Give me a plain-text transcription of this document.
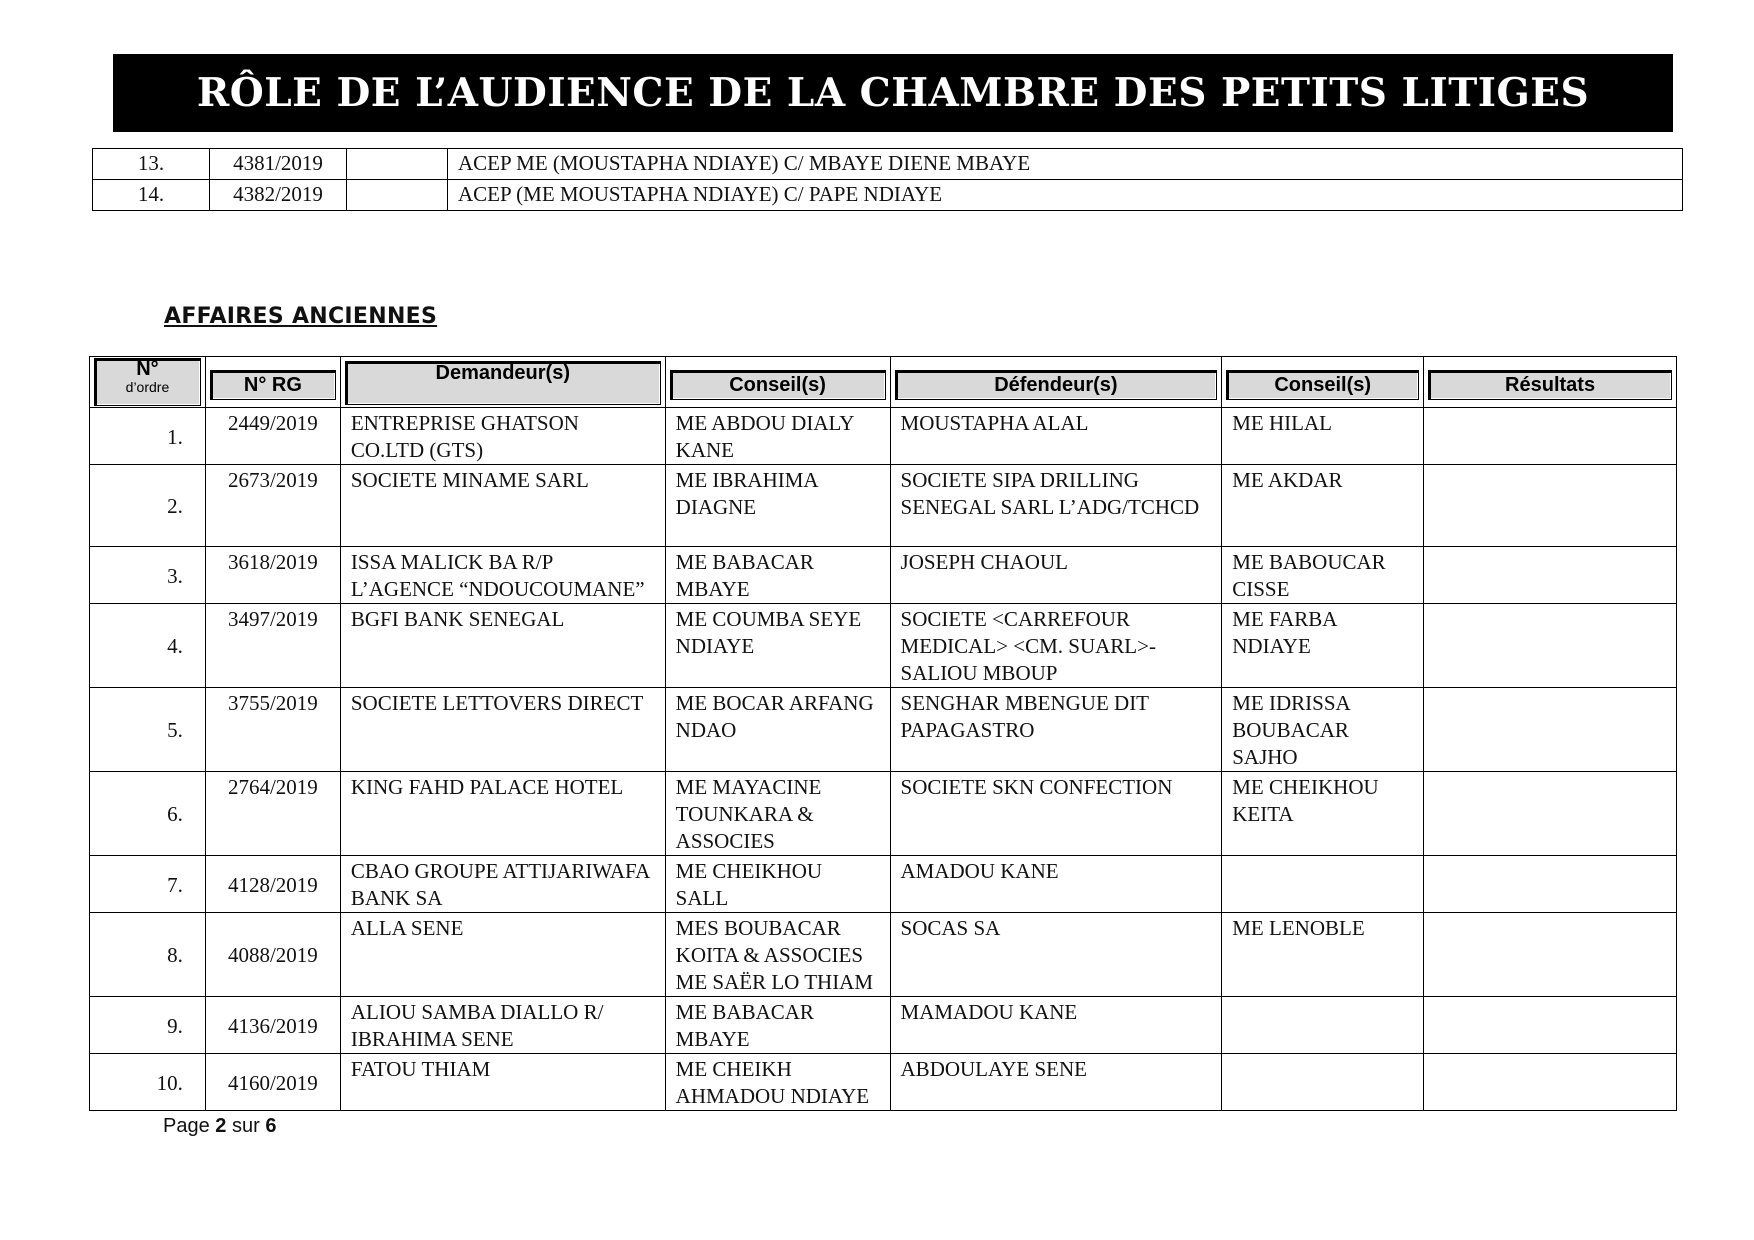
RÔLE DE L’AUDIENCE DE LA CHAMBRE DES PETITS LITIGES
13.	4381/2019		ACEP ME (MOUSTAPHA NDIAYE) C/ MBAYE DIENE MBAYE
14.	4382/2019		ACEP (ME MOUSTAPHA NDIAYE) C/ PAPE NDIAYE
AFFAIRES ANCIENNES
N°
d’ordre	N° RG	Demandeur(s)	Conseil(s)	Défendeur(s)	Conseil(s)	Résultats

1.	2449/2019	ENTREPRISE GHATSON CO.LTD (GTS)	ME ABDOU DIALY KANE	MOUSTAPHA ALAL	ME HILAL	
2.	2673/2019	SOCIETE MINAME SARL	ME IBRAHIMA DIAGNE	SOCIETE SIPA DRILLING SENEGAL SARL L’ADG/TCHCD	ME AKDAR	
3.	3618/2019	ISSA MALICK BA R/P L’AGENCE “NDOUCOUMANE”	ME BABACAR MBAYE	JOSEPH CHAOUL	ME BABOUCAR CISSE	
4.	3497/2019	BGFI BANK SENEGAL	ME COUMBA SEYE NDIAYE	SOCIETE <CARREFOUR MEDICAL> <CM. SUARL>-SALIOU MBOUP	ME FARBA NDIAYE	
5.	3755/2019	SOCIETE LETTOVERS DIRECT	ME BOCAR ARFANG NDAO	SENGHAR MBENGUE DIT PAPAGASTRO	ME IDRISSA BOUBACAR SAJHO	
6.	2764/2019	KING FAHD PALACE HOTEL	ME MAYACINE TOUNKARA & ASSOCIES	SOCIETE SKN CONFECTION	ME CHEIKHOU KEITA	
7.	4128/2019	CBAO GROUPE ATTIJARIWAFA BANK SA	ME CHEIKHOU SALL	AMADOU KANE		
8.	4088/2019	ALLA SENE	MES BOUBACAR KOITA & ASSOCIES ME SAËR LO THIAM	SOCAS SA	ME LENOBLE	
9.	4136/2019	ALIOU SAMBA DIALLO R/ IBRAHIMA SENE	ME BABACAR MBAYE	MAMADOU KANE		
10.	4160/2019	FATOU THIAM	ME CHEIKH AHMADOU NDIAYE	ABDOULAYE SENE		
Page 2 sur 6
